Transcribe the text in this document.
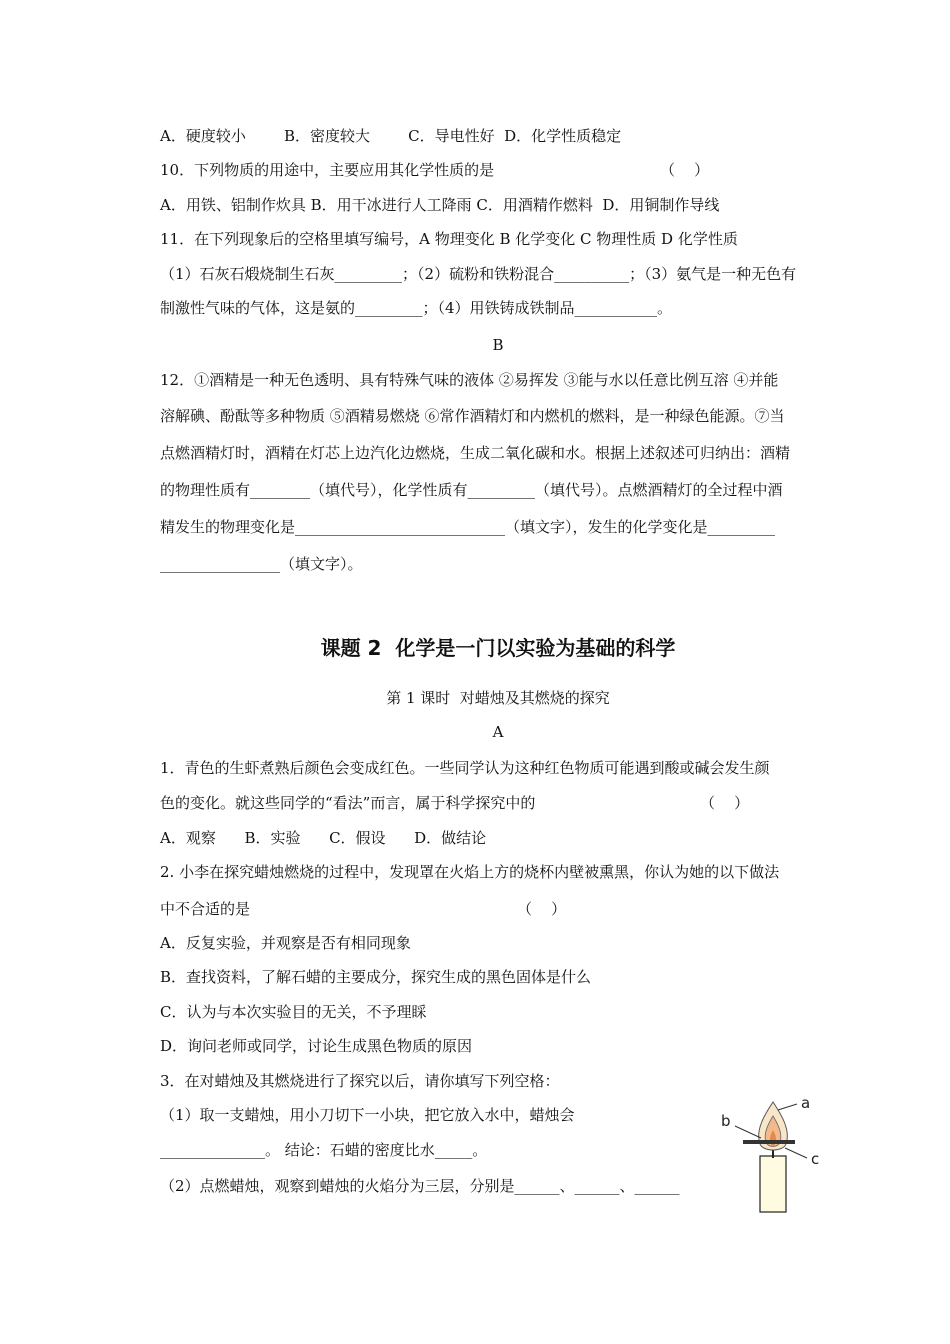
A．硬度较小        B．密度较大        C．导电性好  D．化学性质稳定
10．下列物质的用途中，主要应用其化学性质的是	（    ）
A．用铁、铝制作炊具 B．用干冰进行人工降雨 C．用酒精作燃料  D．用铜制作导线
11．在下列现象后的空格里填写编号，A 物理变化 B 化学变化 C 物理性质 D 化学性质
（1）石灰石煅烧制生石灰_________；（2）硫粉和铁粉混合__________；（3）氨气是一种无色有
制激性气味的气体，这是氨的_________；（4）用铁铸成铁制品___________。
B
12．①酒精是一种无色透明、具有特殊气味的液体 ②易挥发 ③能与水以任意比例互溶 ④并能
溶解碘、酚酞等多种物质 ⑤酒精易燃烧 ⑥常作酒精灯和内燃机的燃料，是一种绿色能源。⑦当
点燃酒精灯时，酒精在灯芯上边汽化边燃烧，生成二氧化碳和水。根据上述叙述可归纳出：酒精
的物理性质有________（填代号），化学性质有_________（填代号）。点燃酒精灯的全过程中酒
精发生的物理变化是____________________________（填文字），发生的化学变化是_________
________________（填文字）。
课题 2  化学是一门以实验为基础的科学
第 1 课时  对蜡烛及其燃烧的探究
A
1．青色的生虾煮熟后颜色会变成红色。一些同学认为这种红色物质可能遇到酸或碱会发生颜
色的变化。就这些同学的“看法”而言，属于科学探究中的	（    ）
A．观察      B．实验      C．假设      D．做结论
2. 小李在探究蜡烛燃烧的过程中，发现罩在火焰上方的烧杯内壁被熏黑，你认为她的以下做法
中不合适的是	（    ）
A．反复实验，并观察是否有相同现象
B．查找资料，了解石蜡的主要成分，探究生成的黑色固体是什么
C．认为与本次实验目的无关，不予理睬
D．询问老师或同学，讨论生成黑色物质的原因
3．在对蜡烛及其燃烧进行了探究以后，请你填写下列空格：
（1）取一支蜡烛，用小刀切下一小块，把它放入水中，蜡烛会
______________。 结论：石蜡的密度比水_____。
（2）点燃蜡烛，观察到蜡烛的火焰分为三层，分别是______、______、______
a
b
c
